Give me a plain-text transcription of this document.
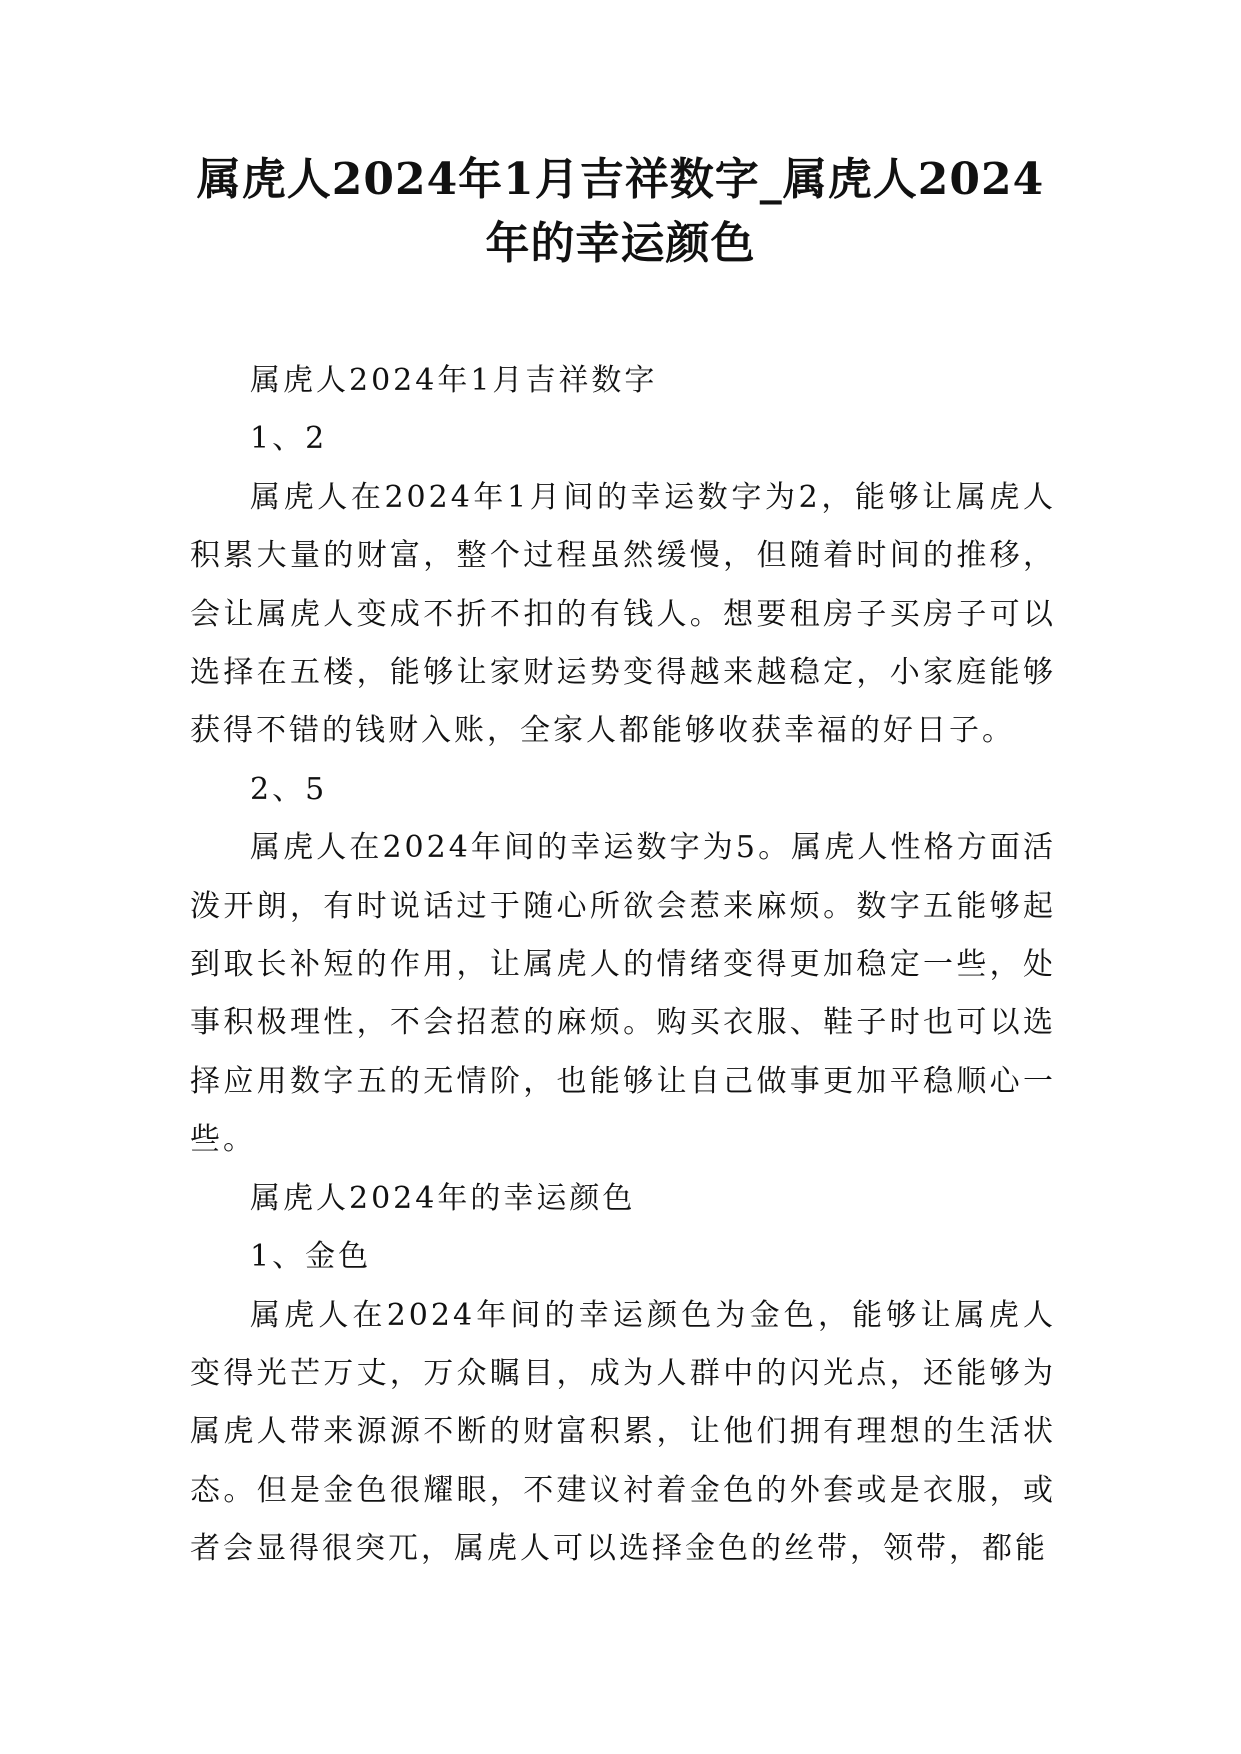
属虎人2024年1月吉祥数字_属虎人2024
年的幸运颜色

属虎人2024年1月吉祥数字

1、2

属虎人在2024年1月间的幸运数字为2，能够让属虎人积累大量的财富，整个过程虽然缓慢，但随着时间的推移，会让属虎人变成不折不扣的有钱人。想要租房子买房子可以选择在五楼，能够让家财运势变得越来越稳定，小家庭能够获得不错的钱财入账，全家人都能够收获幸福的好日子。

2、5

属虎人在2024年间的幸运数字为5。属虎人性格方面活泼开朗，有时说话过于随心所欲会惹来麻烦。数字五能够起到取长补短的作用，让属虎人的情绪变得更加稳定一些，处事积极理性，不会招惹的麻烦。购买衣服、鞋子时也可以选择应用数字五的无情阶，也能够让自己做事更加平稳顺心一些。

属虎人2024年的幸运颜色

1、金色

属虎人在2024年间的幸运颜色为金色，能够让属虎人变得光芒万丈，万众瞩目，成为人群中的闪光点，还能够为属虎人带来源源不断的财富积累，让他们拥有理想的生活状态。但是金色很耀眼，不建议衬着金色的外套或是衣服，或者会显得很突兀，属虎人可以选择金色的丝带，领带，都能
